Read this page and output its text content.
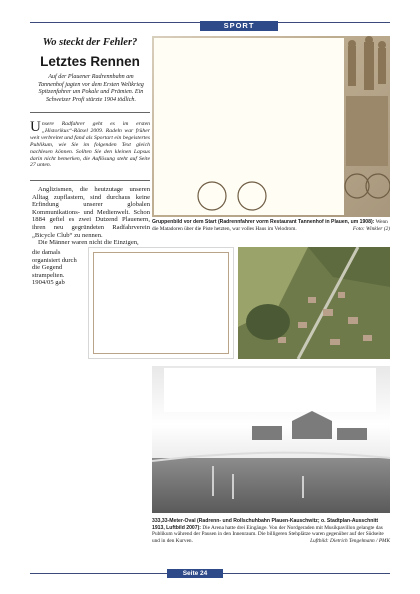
SPORT
Wo steckt der Fehler?
Letztes Rennen
Auf der Plauener Radrennbahn am Tannenhof jagten vor dem Ersten Weltkrieg Spitzenfahrer um Pokale und Prämien. Ein Schweizer Profi stürzte 1904 tödlich.
U nsere Radfahrer geht es im ersten „Historikus“-Rätsel 2009. Radeln war früher weit verbreitet und fand als Sportart ein begeistertes Publikum, wie Sie im folgenden Text gleich nachlesen können. Sollten Sie den kleinen Lapsus darin nicht bemerken, die Auflösung steht auf Seite 27 unten.

Anglizismen, die heutzutage unseren Alltag zupflastern, sind durchaus keine Erfindung unserer globalen Kommunikations- und Medienwelt. Schon 1884 gefiel es zwei Dutzend Plauenern, ihren neu gegründeten Radfahrverein „Bicycle Club“ zu nennen.

Die Männer waren nicht die Einzigen,

die damals organisiert durch die Gegend strampelten. 1904/05 gab
Gruppenbild vor dem Start (Radrennfahrer vorm Restaurant Tannenhof in Plauen, um 1908): Wenn die Matadoren über die Piste hetzten, war volles Haus im Velodrom.	Foto: Winkler (2)
333,33-Meter-Oval (Radrenn- und Rollschuhbahn Plauen-Kauschwitz; o. Stadtplan-Ausschnitt 1913, Luftbild 2007): Die Arena hatte drei Eingänge. Von der Nordgeraden mit Musikpavillon gelangte das Publikum während der Pausen in den Innenraum. Die billigeren Stehplätze waren gegenüber auf der Südseite und in den Kurven.	Luftbild: Dietrich Tengelmann / PMK
Seite 24
